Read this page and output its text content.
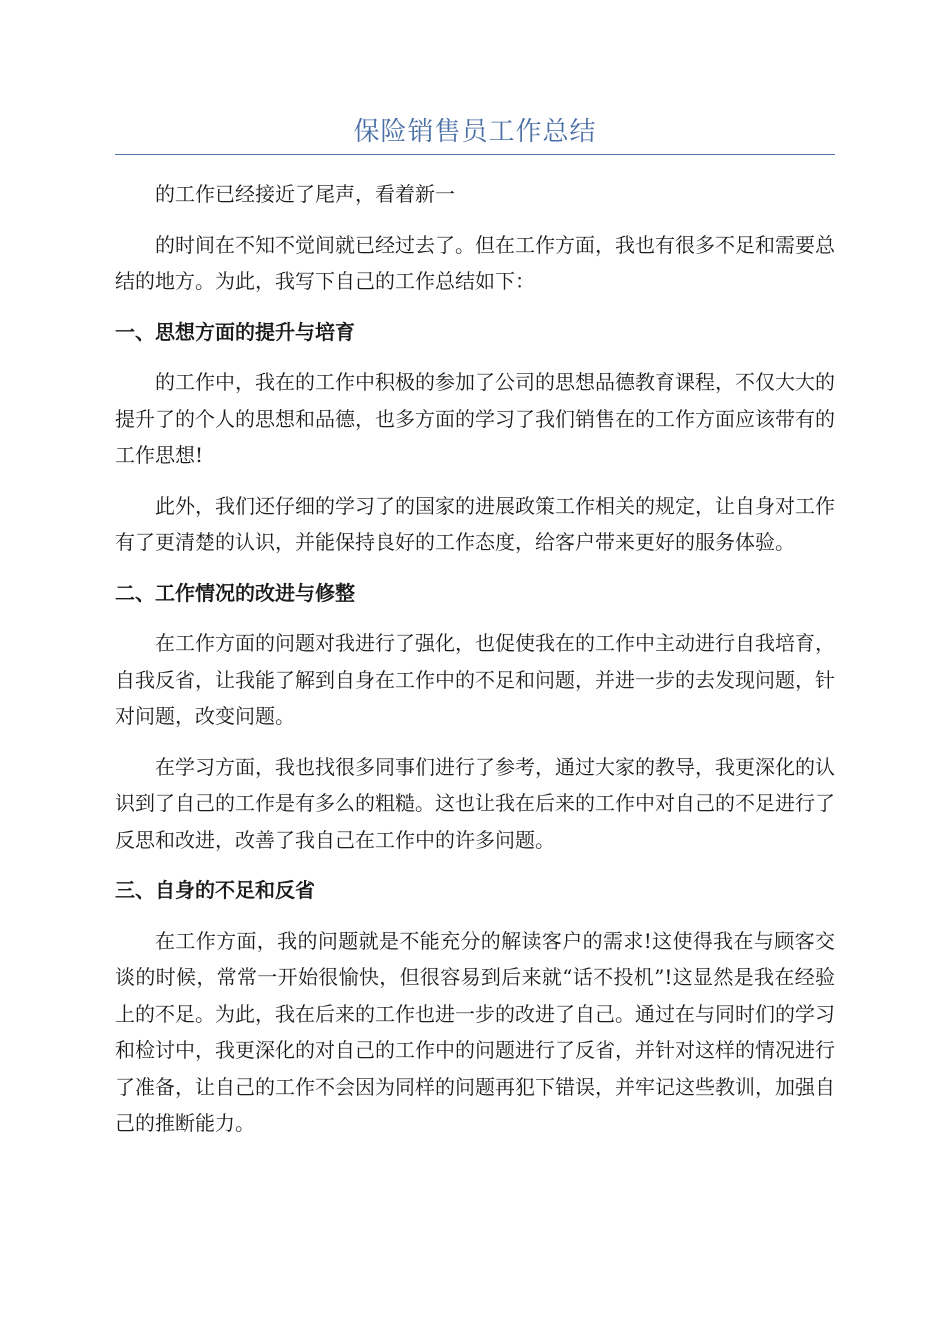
保险销售员工作总结

的工作已经接近了尾声，看着新一

的时间在不知不觉间就已经过去了。但在工作方面，我也有很多不足和需要总结的地方。为此，我写下自己的工作总结如下：

一、思想方面的提升与培育

的工作中，我在的工作中积极的参加了公司的思想品德教育课程，不仅大大的提升了的个人的思想和品德，也多方面的学习了我们销售在的工作方面应该带有的工作思想!

此外，我们还仔细的学习了的国家的进展政策工作相关的规定，让自身对工作有了更清楚的认识，并能保持良好的工作态度，给客户带来更好的服务体验。

二、工作情况的改进与修整

在工作方面的问题对我进行了强化，也促使我在的工作中主动进行自我培育，自我反省，让我能了解到自身在工作中的不足和问题，并进一步的去发现问题，针对问题，改变问题。

在学习方面，我也找很多同事们进行了参考，通过大家的教导，我更深化的认识到了自己的工作是有多么的粗糙。这也让我在后来的工作中对自己的不足进行了反思和改进，改善了我自己在工作中的许多问题。

三、自身的不足和反省

在工作方面，我的问题就是不能充分的解读客户的需求!这使得我在与顾客交谈的时候，常常一开始很愉快，但很容易到后来就“话不投机”!这显然是我在经验上的不足。为此，我在后来的工作也进一步的改进了自己。通过在与同时们的学习和检讨中，我更深化的对自己的工作中的问题进行了反省，并针对这样的情况进行了准备，让自己的工作不会因为同样的问题再犯下错误，并牢记这些教训，加强自己的推断能力。
